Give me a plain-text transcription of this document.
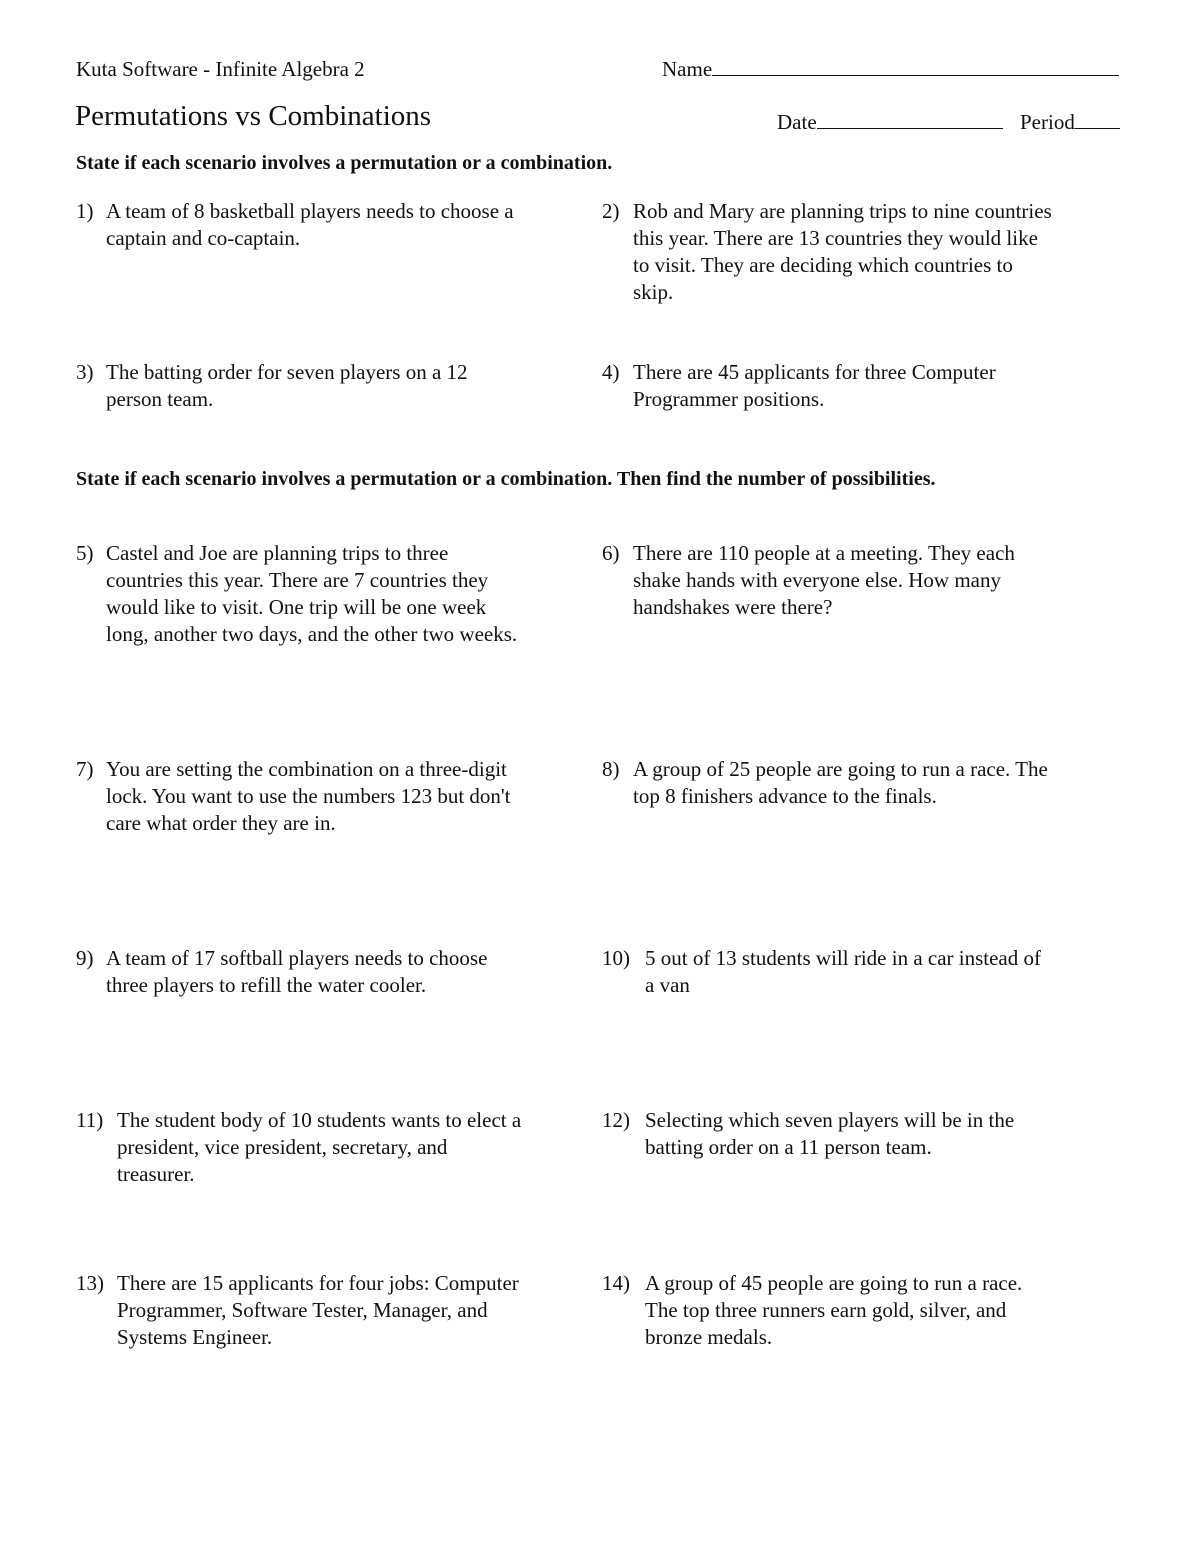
Kuta Software - Infinite Algebra 2	Name
Permutations vs Combinations	Date	Period
State if each scenario involves a permutation or a combination.
1) A team of 8 basketball players needs to choose a captain and co-captain.
2) Rob and Mary are planning trips to nine countries this year. There are 13 countries they would like to visit. They are deciding which countries to skip.
3) The batting order for seven players on a 12 person team.
4) There are 45 applicants for three Computer Programmer positions.
State if each scenario involves a permutation or a combination. Then find the number of possibilities.
5) Castel and Joe are planning trips to three countries this year. There are 7 countries they would like to visit. One trip will be one week long, another two days, and the other two weeks.
6) There are 110 people at a meeting. They each shake hands with everyone else. How many handshakes were there?
7) You are setting the combination on a three-digit lock. You want to use the numbers 123 but don't care what order they are in.
8) A group of 25 people are going to run a race. The top 8 finishers advance to the finals.
9) A team of 17 softball players needs to choose three players to refill the water cooler.
10) 5 out of 13 students will ride in a car instead of a van
11) The student body of 10 students wants to elect a president, vice president, secretary, and treasurer.
12) Selecting which seven players will be in the batting order on a 11 person team.
13) There are 15 applicants for four jobs: Computer Programmer, Software Tester, Manager, and Systems Engineer.
14) A group of 45 people are going to run a race. The top three runners earn gold, silver, and bronze medals.
